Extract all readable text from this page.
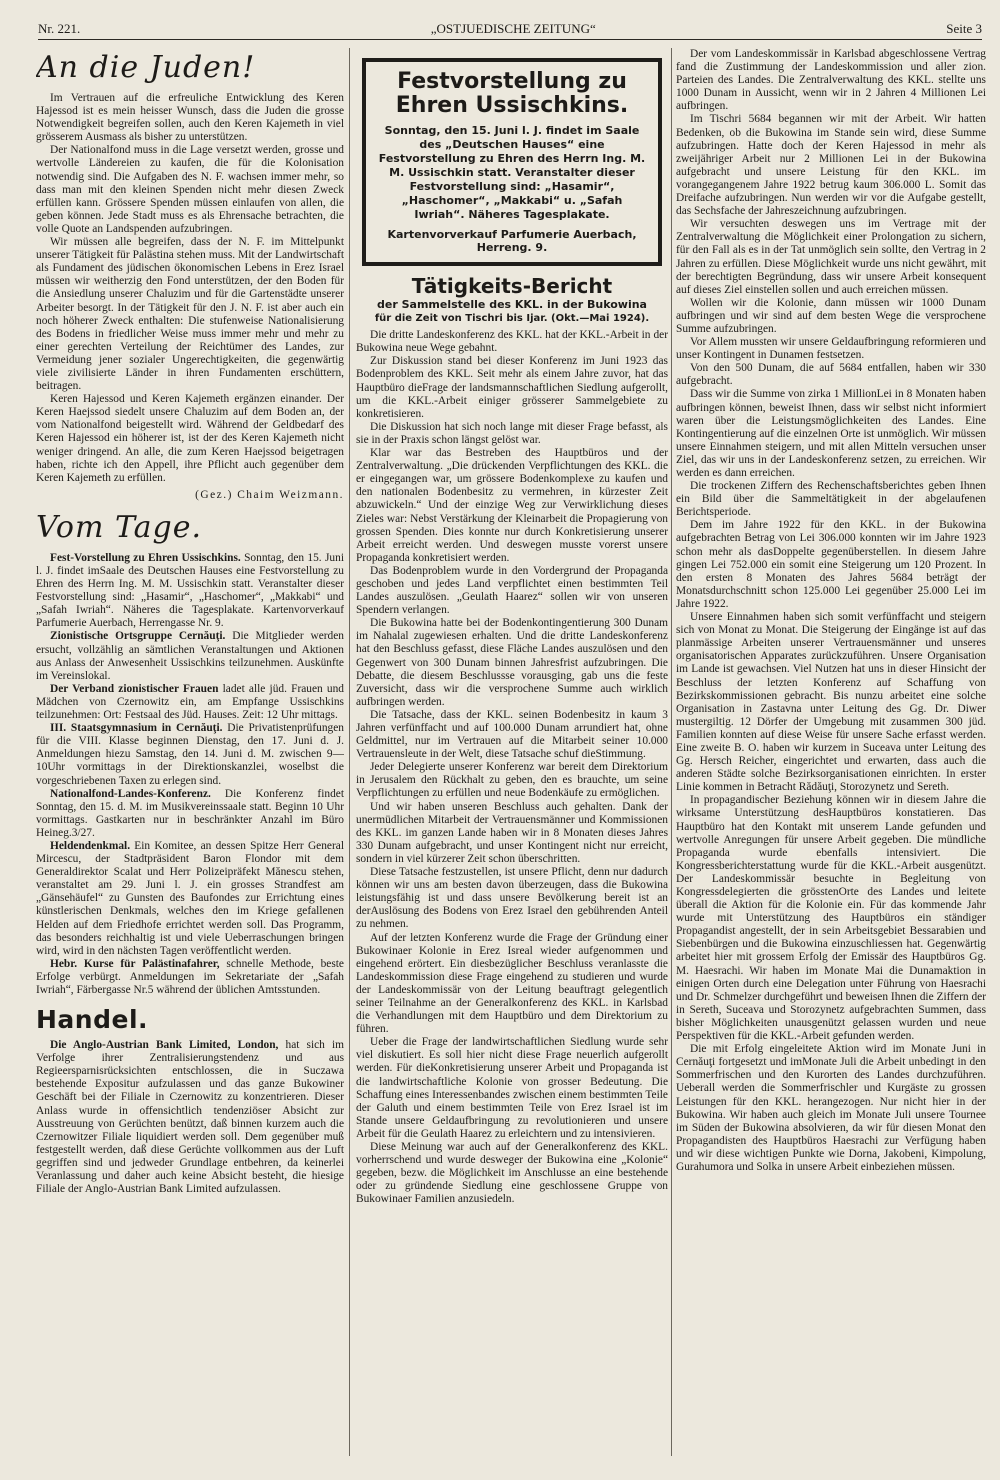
Nr. 221.	„OSTJUEDISCHE ZEITUNG“	Seite 3
An die Juden!

Im Vertrauen auf die erfreuliche Entwicklung des Keren Hajessod ist es mein heisser Wunsch, dass die Juden die grosse Notwendigkeit begreifen sollen, auch den Keren Kajemeth in viel grösserem Ausmass als bisher zu unterstützen.

Der Nationalfond muss in die Lage versetzt werden, grosse und wertvolle Ländereien zu kaufen, die für die Kolonisation notwendig sind. Die Aufgaben des N. F. wachsen immer mehr, so dass man mit den kleinen Spenden nicht mehr diesen Zweck erfüllen kann. Grössere Spenden müssen einlaufen von allen, die geben können. Jede Stadt muss es als Ehrensache betrachten, die volle Quote an Landspenden aufzubringen.

Wir müssen alle begreifen, dass der N. F. im Mittelpunkt unserer Tätigkeit für Palästina stehen muss. Mit der Landwirtschaft als Fundament des jüdischen ökonomischen Lebens in Erez Israel müssen wir weitherzig den Fond unterstützen, der den Boden für die Ansiedlung unserer Chaluzim und für die Gartenstädte unserer Arbeiter besorgt. In der Tätigkeit für den J. N. F. ist aber auch ein noch höherer Zweck enthalten: Die stufenweise Nationalisierung des Bodens in friedlicher Weise muss immer mehr und mehr zu einer gerechten Verteilung der Reichtümer des Landes, zur Vermeidung jener sozialer Ungerechtigkeiten, die gegenwärtig viele zivilisierte Länder in ihren Fundamenten erschüttern, beitragen.

Keren Hajessod und Keren Kajemeth ergänzen einander. Der Keren Haejssod siedelt unsere Chaluzim auf dem Boden an, der vom Nationalfond beigestellt wird. Während der Geldbedarf des Keren Hajessod ein höherer ist, ist der des Keren Kajemeth nicht weniger dringend. An alle, die zum Keren Haejssod beigetragen haben, richte ich den Appell, ihre Pflicht auch gegenüber dem Keren Kajemeth zu erfüllen.

(Gez.) Chaim Weizmann.
Vom Tage.

Fest-Vorstellung zu Ehren Ussischkins. Sonntag, den 15. Juni l. J. findet imSaale des Deutschen Hauses eine Festvorstellung zu Ehren des Herrn Ing. M. M. Ussischkin statt. Veranstalter dieser Festvorstellung sind: „Hasamir“, „Haschomer“, „Makkabi“ und „Safah Iwriah“. Näheres die Tagesplakate. Kartenvorverkauf Parfumerie Auerbach, Herrengasse Nr. 9.

Zionistische Ortsgruppe Cernăuţi. Die Mitglieder werden ersucht, vollzählig an sämtlichen Veranstaltungen und Aktionen aus Anlass der Anwesenheit Ussischkins teilzunehmen. Auskünfte im Vereinslokal.

Der Verband zionistischer Frauen ladet alle jüd. Frauen und Mädchen von Czernowitz ein, am Empfange Ussischkins teilzunehmen: Ort: Festsaal des Jüd. Hauses. Zeit: 12 Uhr mittags.

III. Staatsgymnasium in Cernăuţi. Die Privatistenprüfungen für die VIII. Klasse beginnen Dienstag, den 17. Juni d. J. Anmeldungen hiezu Samstag, den 14. Juni d. M. zwischen 9—10Uhr vormittags in der Direktionskanzlei, woselbst die vorgeschriebenen Taxen zu erlegen sind.

Nationalfond-Landes-Konferenz. Die Konferenz findet Sonntag, den 15. d. M. im Musikvereinssaale statt. Beginn 10 Uhr vormittags. Gastkarten nur in beschränkter Anzahl im Büro Heineg.3/27.

Heldendenkmal. Ein Komitee, an dessen Spitze Herr General Mircescu, der Stadtpräsident Baron Flondor mit dem Generaldirektor Scalat und Herr Polizeipräfekt Mănescu stehen, veranstaltet am 29. Juni l. J. ein grosses Strandfest am „Gänsehäufel“ zu Gunsten des Baufondes zur Errichtung eines künstlerischen Denkmals, welches den im Kriege gefallenen Helden auf dem Friedhofe errichtet werden soll. Das Programm, das besonders reichhaltig ist und viele Ueberraschungen bringen wird, wird in den nächsten Tagen veröffentlicht werden.

Hebr. Kurse für Palästinafahrer, schnelle Methode, beste Erfolge verbürgt. Anmeldungen im Sekretariate der „Safah Iwriah“, Färbergasse Nr.5 während der üblichen Amtsstunden.

Handel.

Die Anglo-Austrian Bank Limited, London, hat sich im Verfolge ihrer Zentralisierungstendenz und aus Regieersparnisrücksichten entschlossen, die in Suczawa bestehende Expositur aufzulassen und das ganze Bukowiner Geschäft bei der Filiale in Czernowitz zu konzentrieren. Dieser Anlass wurde in offensichtlich tendenziöser Absicht zur Ausstreuung von Gerüchten benützt, daß binnen kurzem auch die Czernowitzer Filiale liquidiert werden soll. Dem gegenüber muß festgestellt werden, daß diese Gerüchte vollkommen aus der Luft gegriffen sind und jedweder Grundlage entbehren, da keinerlei Veranlassung und daher auch keine Absicht besteht, die hiesige Filiale der Anglo-Austrian Bank Limited aufzulassen.

Festvorstellung zu Ehren Ussischkins.
Sonntag, den 15. Juni l. J. findet im Saale des „Deutschen Hauses“ eine Festvorstellung zu Ehren des Herrn Ing. M. M. Ussischkin statt. Veranstalter dieser Festvorstellung sind: „Hasamir“, „Haschomer“, „Makkabi“ u. „Safah Iwriah“. Näheres Tagesplakate.
Kartenvorverkauf Parfumerie Auerbach, Herreng. 9.
Tätigkeits-Bericht
der Sammelstelle des KKL. in der Bukowina
für die Zeit von Tischri bis Ijar. (Okt.—Mai 1924).

Die dritte Landeskonferenz des KKL. hat der KKL.-Arbeit in der Bukowina neue Wege gebahnt.

Zur Diskussion stand bei dieser Konferenz im Juni 1923 das Bodenproblem des KKL. Seit mehr als einem Jahre zuvor, hat das Hauptbüro dieFrage der landsmannschaftlichen Siedlung aufgerollt, um die KKL.-Arbeit einiger grösserer Sammelgebiete zu konkretisieren.

Die Diskussion hat sich noch lange mit dieser Frage befasst, als sie in der Praxis schon längst gelöst war.

Klar war das Bestreben des Hauptbüros und der Zentralverwaltung. „Die drückenden Verpflichtungen des KKL. die er eingegangen war, um grössere Bodenkomplexe zu kaufen und den nationalen Bodenbesitz zu vermehren, in kürzester Zeit abzuwickeln.“ Und der einzige Weg zur Verwirklichung dieses Zieles war: Nebst Verstärkung der Kleinarbeit die Propagierung von grossen Spenden. Dies konnte nur durch Konkretisierung unserer Arbeit erreicht werden. Und deswegen musste vorerst unsere Propaganda konkretisiert werden.

Das Bodenproblem wurde in den Vordergrund der Propaganda geschoben und jedes Land verpflichtet einen bestimmten Teil Landes auszulösen. „Geulath Haarez“ sollen wir von unseren Spendern verlangen.

Die Bukowina hatte bei der Bodenkontingentierung 300 Dunam im Nahalal zugewiesen erhalten. Und die dritte Landeskonferenz hat den Beschluss gefasst, diese Fläche Landes auszulösen und den Gegenwert von 300 Dunam binnen Jahresfrist aufzubringen. Die Debatte, die diesem Beschlussse vorausging, gab uns die feste Zuversicht, dass wir die versprochene Summe auch wirklich aufbringen werden.

Die Tatsache, dass der KKL. seinen Bodenbesitz in kaum 3 Jahren verfünffacht und auf 100.000 Dunam arrundiert hat, ohne Geldmittel, nur im Vertrauen auf die Mitarbeit seiner 10.000 Vertrauensleute in der Welt, diese Tatsache schuf dieStimmung.

Jeder Delegierte unserer Konferenz war bereit dem Direktorium in Jerusalem den Rückhalt zu geben, den es brauchte, um seine Verpflichtungen zu erfüllen und neue Bodenkäufe zu ermöglichen.

Und wir haben unseren Beschluss auch gehalten. Dank der unermüdlichen Mitarbeit der Vertrauensmänner und Kommissionen des KKL. im ganzen Lande haben wir in 8 Monaten dieses Jahres 330 Dunam aufgebracht, und unser Kontingent nicht nur erreicht, sondern in viel kürzerer Zeit schon überschritten.

Diese Tatsache festzustellen, ist unsere Pflicht, denn nur dadurch können wir uns am besten davon überzeugen, dass die Bukowina leistungsfähig ist und dass unsere Bevölkerung bereit ist an derAuslösung des Bodens von Erez Israel den gebührenden Anteil zu nehmen.

Auf der letzten Konferenz wurde die Frage der Gründung einer Bukowinaer Kolonie in Erez Isreal wieder aufgenommen und eingehend erörtert. Ein diesbezüglicher Beschluss veranlasste die Landeskommission diese Frage eingehend zu studieren und wurde der Landeskommissär von der Leitung beauftragt gelegentlich seiner Teilnahme an der Generalkonferenz des KKL. in Karlsbad die Verhandlungen mit dem Hauptbüro und dem Direktorium zu führen.

Ueber die Frage der landwirtschaftlichen Siedlung wurde sehr viel diskutiert. Es soll hier nicht diese Frage neuerlich aufgerollt werden. Für dieKonkretisierung unserer Arbeit und Propaganda ist die landwirtschaftliche Kolonie von grosser Bedeutung. Die Schaffung eines Interessenbandes zwischen einem bestimmten Teile der Galuth und einem bestimmten Teile von Erez Israel ist im Stande unsere Geldaufbringung zu revolutionieren und unsere Arbeit für die Geulath Haarez zu erleichtern und zu intensivieren.

Diese Meinung war auch auf der Generalkonferenz des KKL. vorherrschend und wurde desweger der Bukowina eine „Kolonie“ gegeben, bezw. die Möglichkeit im Anschlusse an eine bestehende oder zu gründende Siedlung eine geschlossene Gruppe von Bukowinaer Familien anzusiedeln.

Der vom Landeskommissär in Karlsbad abgeschlossene Vertrag fand die Zustimmung der Landeskommission und aller zion. Parteien des Landes. Die Zentralverwaltung des KKL. stellte uns 1000 Dunam in Aussicht, wenn wir in 2 Jahren 4 Millionen Lei aufbringen.

Im Tischri 5684 begannen wir mit der Arbeit. Wir hatten Bedenken, ob die Bukowina im Stande sein wird, diese Summe aufzubringen. Hatte doch der Keren Hajessod in mehr als zweijähriger Arbeit nur 2 Millionen Lei in der Bukowina aufgebracht und unsere Leistung für den KKL. im vorangegangenem Jahre 1922 betrug kaum 306.000 L. Somit das Dreifache aufzubringen. Nun werden wir vor die Aufgabe gestellt, das Sechsfache der Jahreszeichnung aufzubringen.

Wir versuchten deswegen uns im Vertrage mit der Zentralverwaltung die Möglichkeit einer Prolongation zu sichern, für den Fall als es in der Tat unmöglich sein sollte, den Vertrag in 2 Jahren zu erfüllen. Diese Möglichkeit wurde uns nicht gewährt, mit der berechtigten Begründung, dass wir unsere Arbeit konsequent auf dieses Ziel einstellen sollen und auch erreichen müssen.

Wollen wir die Kolonie, dann müssen wir 1000 Dunam aufbringen und wir sind auf dem besten Wege die versprochene Summe aufzubringen.

Vor Allem mussten wir unsere Geldaufbringung reformieren und unser Kontingent in Dunamen festsetzen.

Von den 500 Dunam, die auf 5684 entfallen, haben wir 330 aufgebracht.

Dass wir die Summe von zirka 1 MillionLei in 8 Monaten haben aufbringen können, beweist Ihnen, dass wir selbst nicht informiert waren über die Leistungsmöglichkeiten des Landes. Eine Kontingentierung auf die einzelnen Orte ist unmöglich. Wir müssen unsere Einnahmen steigern, und mit allen Mitteln versuchen unser Ziel, das wir uns in der Landeskonferenz setzen, zu erreichen. Wir werden es dann erreichen.

Die trockenen Ziffern des Rechenschaftsberichtes geben Ihnen ein Bild über die Sammeltätigkeit in der abgelaufenen Berichtsperiode.

Dem im Jahre 1922 für den KKL. in der Bukowina aufgebrachten Betrag von Lei 306.000 konnten wir im Jahre 1923 schon mehr als dasDoppelte gegenüberstellen. In diesem Jahre gingen Lei 752.000 ein somit eine Steigerung um 120 Prozent. In den ersten 8 Monaten des Jahres 5684 beträgt der Monatsdurchschnitt schon 125.000 Lei gegenüber 25.000 Lei im Jahre 1922.

Unsere Einnahmen haben sich somit verfünffacht und steigern sich von Monat zu Monat. Die Steigerung der Eingänge ist auf das planmässige Arbeiten unserer Vertrauensmänner und unseres organisatorischen Apparates zurückzuführen. Unsere Organisation im Lande ist gewachsen. Viel Nutzen hat uns in dieser Hinsicht der Beschluss der letzten Konferenz auf Schaffung von Bezirkskommissionen gebracht. Bis nunzu arbeitet eine solche Organisation in Zastavna unter Leitung des Gg. Dr. Diwer mustergiltig. 12 Dörfer der Umgebung mit zusammen 300 jüd. Familien konnten auf diese Weise für unsere Sache erfasst werden. Eine zweite B. O. haben wir kurzem in Suceava unter Leitung des Gg. Hersch Reicher, eingerichtet und erwarten, dass auch die anderen Städte solche Bezirksorganisationen einrichten. In erster Linie kommen in Betracht Rădăuţi, Storozynetz und Sereth.

In propagandischer Beziehung können wir in diesem Jahre die wirksame Unterstützung desHauptbüros konstatieren. Das Hauptbüro hat den Kontakt mit unserem Lande gefunden und wertvolle Anregungen für unsere Arbeit gegeben. Die mündliche Propaganda wurde ebenfalls intensiviert. Die Kongressberichterstattung wurde für die KKL.-Arbeit ausgenützt. Der Landeskommissär besuchte in Begleitung von Kongressdelegierten die grösstenOrte des Landes und leitete überall die Aktion für die Kolonie ein. Für das kommende Jahr wurde mit Unterstützung des Hauptbüros ein ständiger Propagandist angestellt, der in sein Arbeitsgebiet Bessarabien und Siebenbürgen und die Bukowina einzuschliessen hat. Gegenwärtig arbeitet hier mit grossem Erfolg der Emissär des Hauptbüros Gg. M. Haesrachi. Wir haben im Monate Mai die Dunamaktion in einigen Orten durch eine Delegation unter Führung von Haesrachi und Dr. Schmelzer durchgeführt und beweisen Ihnen die Ziffern der in Sereth, Suceava und Storozynetz aufgebrachten Summen, dass bisher Möglichkeiten unausgenützt gelassen wurden und neue Perspektiven für die KKL.-Arbeit gefunden werden.

Die mit Erfolg eingeleitete Aktion wird im Monate Juni in Cernăuţi fortgesetzt und imMonate Juli die Arbeit unbedingt in den Sommerfrischen und den Kurorten des Landes durchzuführen. Ueberall werden die Sommerfrischler und Kurgäste zu grossen Leistungen für den KKL. herangezogen. Nur nicht hier in der Bukowina. Wir haben auch gleich im Monate Juli unsere Tournee im Süden der Bukowina absolvieren, da wir für diesen Monat den Propagandisten des Hauptbüros Haesrachi zur Verfügung haben und wir diese wichtigen Punkte wie Dorna, Jakobeni, Kimpolung, Gurahumora und Solka in unsere Arbeit einbeziehen müssen.
